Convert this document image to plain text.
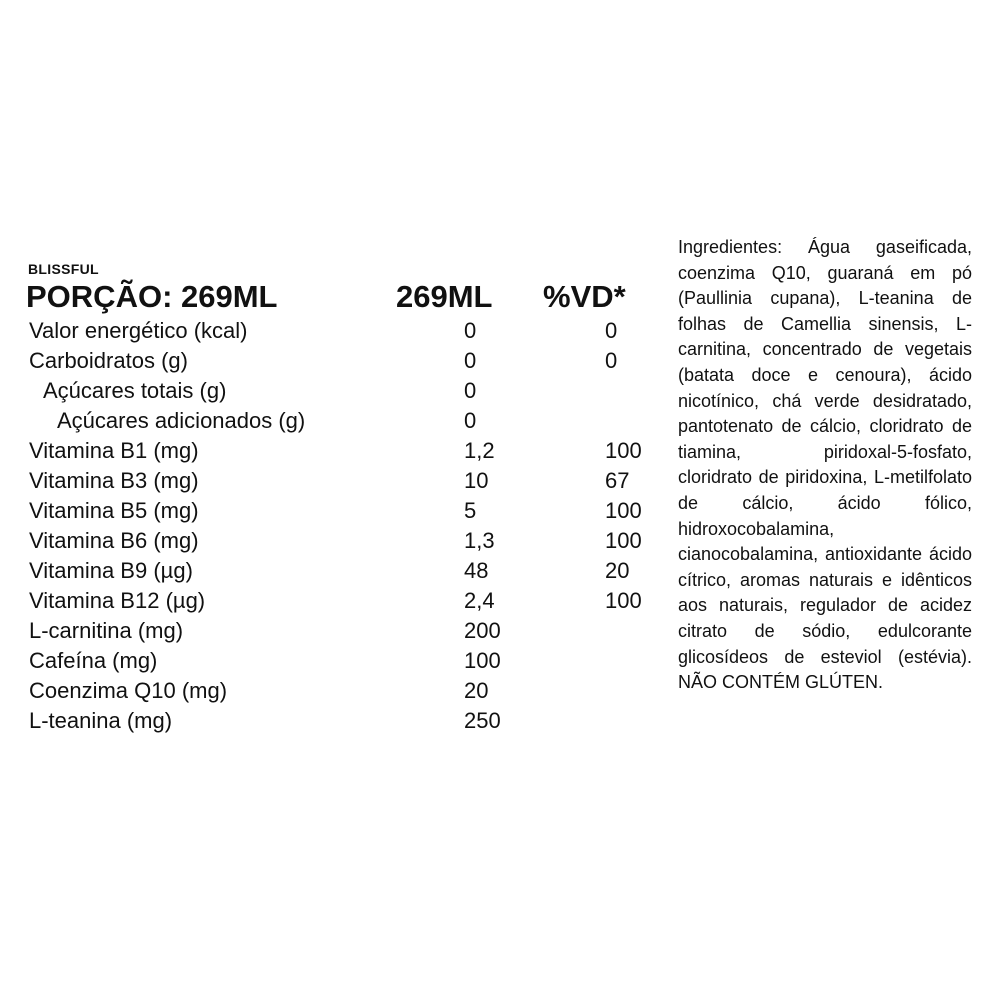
BLISSFUL
PORÇÃO: 269ML	269ML %VD*
Valor energético (kcal)	0	0
Carboidratos (g)	0	0
Açúcares totais (g)	0
Açúcares adicionados (g)	0
Vitamina B1 (mg)	1,2	100
Vitamina B3 (mg)	10	67
Vitamina B5 (mg)	5	100
Vitamina B6 (mg)	1,3	100
Vitamina B9 (µg)	48	20
Vitamina B12 (µg)	2,4	100
L-carnitina (mg)	200
Cafeína (mg)	100
Coenzima Q10 (mg)	20
L-teanina (mg)	250
Ingredientes: Água gaseificada, coenzima Q10, guaraná em pó (Paullinia cupana), L-teanina de folhas de Camellia sinensis, L- carnitina, concentrado de vegetais (batata doce e cenoura), ácido nicotínico, chá verde desidratado, pantotenato de cálcio, cloridrato de tiamina, piridoxal-5-fosfato, cloridrato de piridoxina, L-metilfolato de cálcio, ácido fólico, hidroxocobalamina, cianocobalamina, antioxidante ácido cítrico, aromas naturais e idênticos aos naturais, regulador de acidez citrato de sódio, edulcorante glicosídeos de esteviol (estévia). NÃO CONTÉM GLÚTEN.
